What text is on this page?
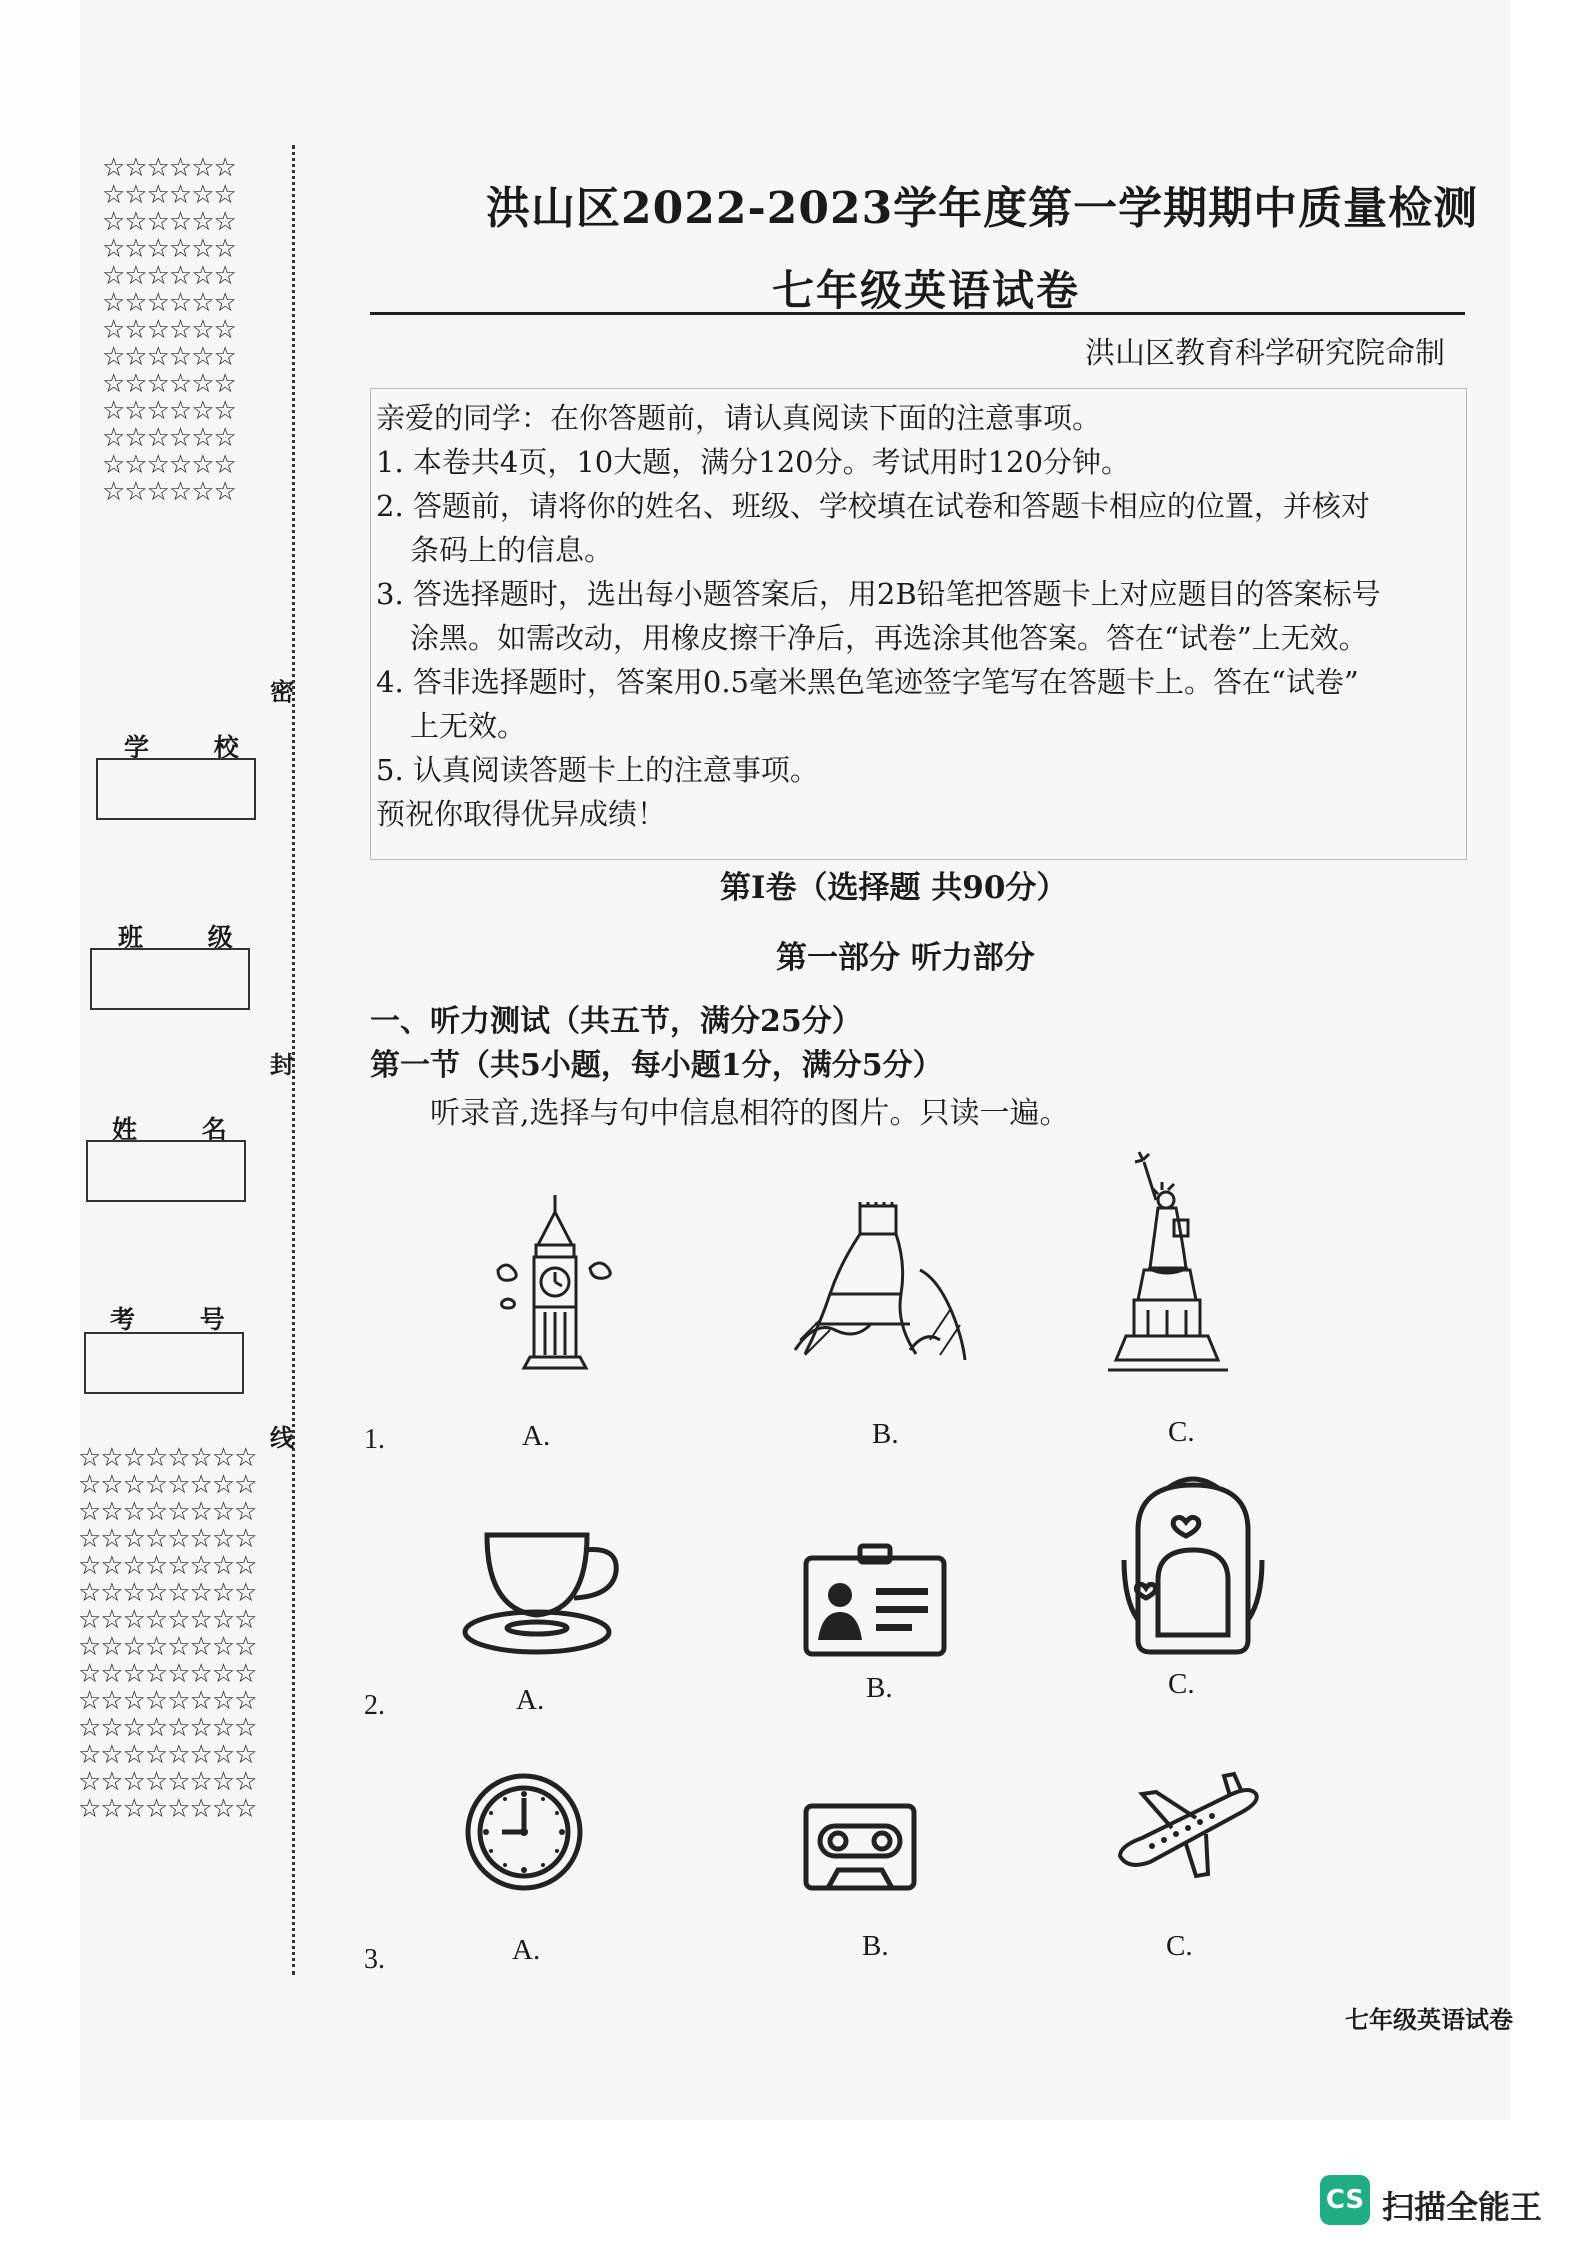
☆☆☆☆☆☆
☆☆☆☆☆☆
☆☆☆☆☆☆
☆☆☆☆☆☆
☆☆☆☆☆☆
☆☆☆☆☆☆
☆☆☆☆☆☆
☆☆☆☆☆☆
☆☆☆☆☆☆
☆☆☆☆☆☆
☆☆☆☆☆☆
☆☆☆☆☆☆
☆☆☆☆☆☆
☆☆☆☆☆☆☆☆
☆☆☆☆☆☆☆☆
☆☆☆☆☆☆☆☆
☆☆☆☆☆☆☆☆
☆☆☆☆☆☆☆☆
☆☆☆☆☆☆☆☆
☆☆☆☆☆☆☆☆
☆☆☆☆☆☆☆☆
☆☆☆☆☆☆☆☆
☆☆☆☆☆☆☆☆
☆☆☆☆☆☆☆☆
☆☆☆☆☆☆☆☆
☆☆☆☆☆☆☆☆
☆☆☆☆☆☆☆☆
学 校
班 级
姓 名
考 号
密
封
线
洪山区2022-2023学年度第一学期期中质量检测
七年级英语试卷
洪山区教育科学研究院命制
亲爱的同学：在你答题前，请认真阅读下面的注意事项。
1. 本卷共4页，10大题，满分120分。考试用时120分钟。
2. 答题前，请将你的姓名、班级、学校填在试卷和答题卡相应的位置，并核对
条码上的信息。
3. 答选择题时，选出每小题答案后，用2B铅笔把答题卡上对应题目的答案标号
涂黑。如需改动，用橡皮擦干净后，再选涂其他答案。答在“试卷”上无效。
4. 答非选择题时，答案用0.5毫米黑色笔迹签字笔写在答题卡上。答在“试卷”
上无效。
5. 认真阅读答题卡上的注意事项。
预祝你取得优异成绩！
第Ⅰ卷（选择题 共90分）
第一部分 听力部分
一、听力测试（共五节，满分25分）
第一节（共5小题，每小题1分，满分5分）
听录音,选择与句中信息相符的图片。只读一遍。
1.	A.	B.	C.
2.	A.	B.	C.
3.	A.	B.	C.
七年级英语试卷
CS 扫描全能王
